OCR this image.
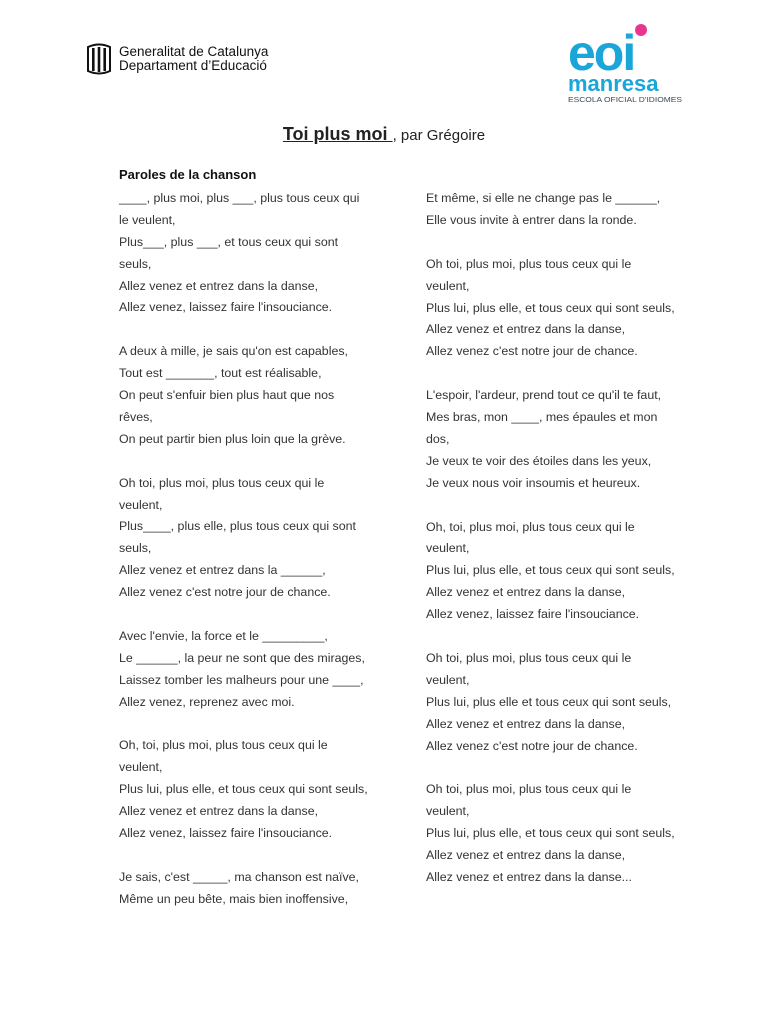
Generalitat de Catalunya
Departament d’Educació	eoi
manresa
ESCOLA OFICIAL D'IDIOMES
Toi plus moi , par Grégoire
Paroles de la chanson
____, plus moi, plus ___, plus tous ceux qui
le veulent,
Plus___, plus ___, et tous ceux qui sont
seuls,
Allez venez et entrez dans la danse,
Allez venez, laissez faire l'insouciance.
A deux à mille, je sais qu'on est capables,
Tout est _______, tout est réalisable,
On peut s'enfuir bien plus haut que nos
rêves,
On peut partir bien plus loin que la grève.
Oh toi, plus moi, plus tous ceux qui le
veulent,
Plus____, plus elle, plus tous ceux qui sont
seuls,
Allez venez et entrez dans la ______,
Allez venez c'est notre jour de chance.
Avec l'envie, la force et le _________,
Le ______, la peur ne sont que des mirages,
Laissez tomber les malheurs pour une ____,
Allez venez, reprenez avec moi.
Oh, toi, plus moi, plus tous ceux qui le
veulent,
Plus lui, plus elle, et tous ceux qui sont seuls,
Allez venez et entrez dans la danse,
Allez venez, laissez faire l'insouciance.
Je sais, c'est _____, ma chanson est naïve,
Même un peu bête, mais bien inoffensive,
Et même, si elle ne change pas le ______,
Elle vous invite à entrer dans la ronde.
Oh toi, plus moi, plus tous ceux qui le
veulent,
Plus lui, plus elle, et tous ceux qui sont seuls,
Allez venez et entrez dans la danse,
Allez venez c'est notre jour de chance.
L'espoir, l'ardeur, prend tout ce qu'il te faut,
Mes bras, mon ____, mes épaules et mon
dos,
Je veux te voir des étoiles dans les yeux,
Je veux nous voir insoumis et heureux.
Oh, toi, plus moi, plus tous ceux qui le
veulent,
Plus lui, plus elle, et tous ceux qui sont seuls,
Allez venez et entrez dans la danse,
Allez venez, laissez faire l'insouciance.
Oh toi, plus moi, plus tous ceux qui le
veulent,
Plus lui, plus elle et tous ceux qui sont seuls,
Allez venez et entrez dans la danse,
Allez venez c'est notre jour de chance.
Oh toi, plus moi, plus tous ceux qui le
veulent,
Plus lui, plus elle, et tous ceux qui sont seuls,
Allez venez et entrez dans la danse,
Allez venez et entrez dans la danse...
